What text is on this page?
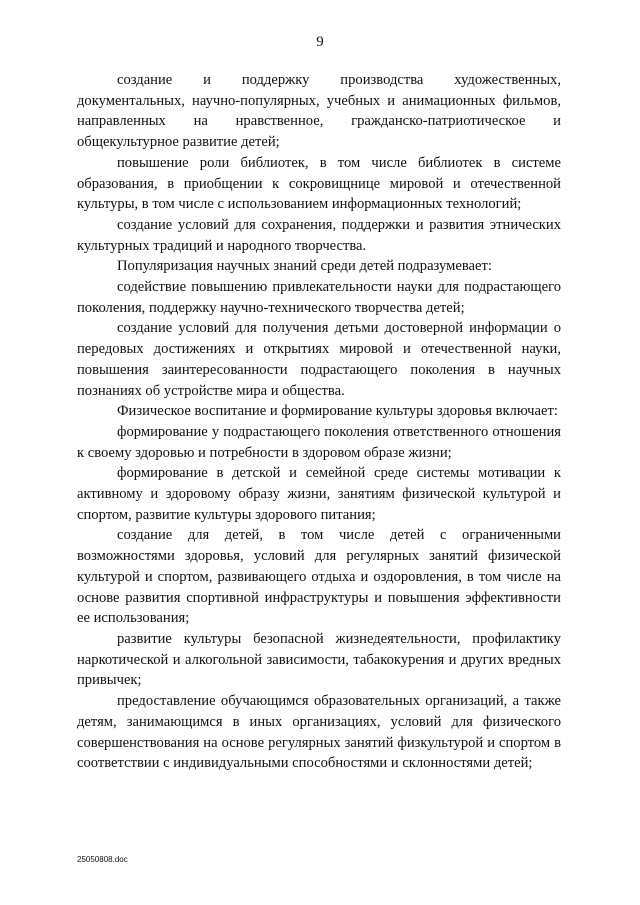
9

создание и поддержку производства художественных, документальных, научно-популярных, учебных и анимационных фильмов, направленных на нравственное, гражданско-патриотическое и общекультурное развитие детей;

повышение роли библиотек, в том числе библиотек в системе образования, в приобщении к сокровищнице мировой и отечественной культуры, в том числе с использованием информационных технологий;

создание условий для сохранения, поддержки и развития этнических культурных традиций и народного творчества.

Популяризация научных знаний среди детей подразумевает:

содействие повышению привлекательности науки для подрастающего поколения, поддержку научно-технического творчества детей;

создание условий для получения детьми достоверной информации о передовых достижениях и открытиях мировой и отечественной науки, повышения заинтересованности подрастающего поколения в научных познаниях об устройстве мира и общества.

Физическое воспитание и формирование культуры здоровья включает:

формирование у подрастающего поколения ответственного отношения к своему здоровью и потребности в здоровом образе жизни;

формирование в детской и семейной среде системы мотивации к активному и здоровому образу жизни, занятиям физической культурой и спортом, развитие культуры здорового питания;

создание для детей, в том числе детей с ограниченными возможностями здоровья, условий для регулярных занятий физической культурой и спортом, развивающего отдыха и оздоровления, в том числе на основе развития спортивной инфраструктуры и повышения эффективности ее использования;

развитие культуры безопасной жизнедеятельности, профилактику наркотической и алкогольной зависимости, табакокурения и других вредных привычек;

предоставление обучающимся образовательных организаций, а также детям, занимающимся в иных организациях, условий для физического совершенствования на основе регулярных занятий физкультурой и спортом в соответствии с индивидуальными способностями и склонностями детей;

25050808.doc
